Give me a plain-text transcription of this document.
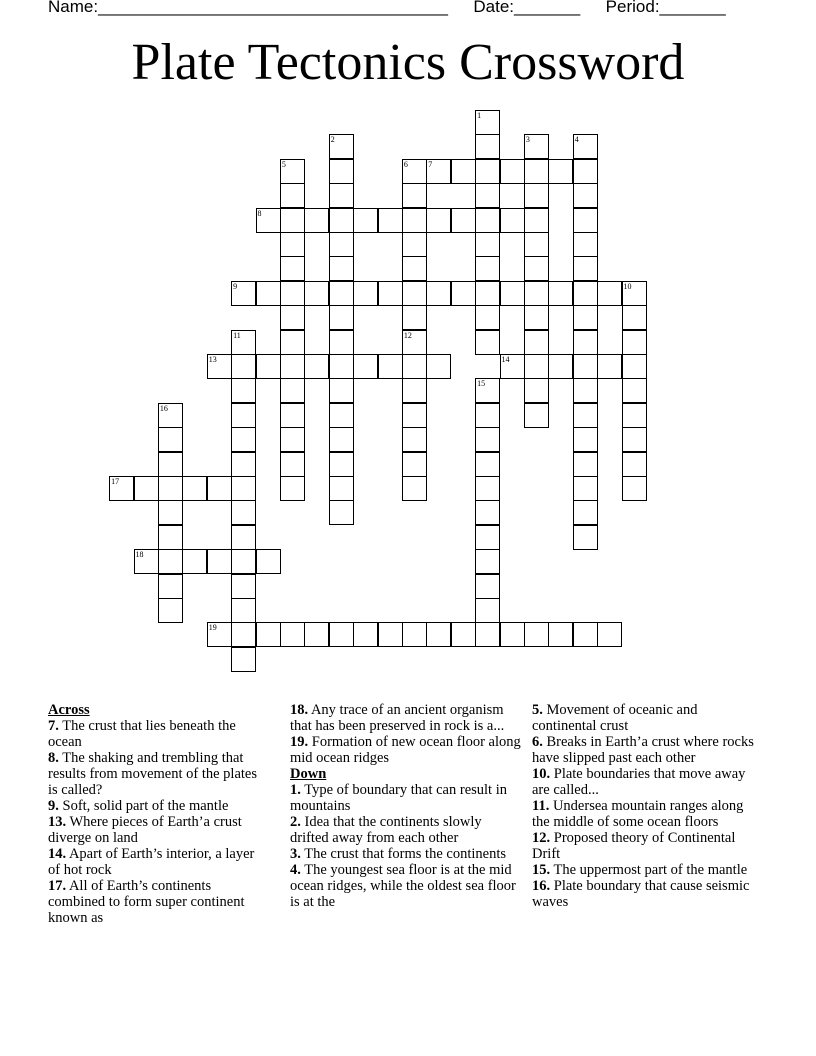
Name:_____________________________________ Date:_______ Period:_______
Plate Tectonics Crossword
7
8
9	10
13	14
17
18
19
1
2	3	4
5	6
11	12
15
16
Across
7. The crust that lies beneath the ocean
8. The shaking and trembling that results from movement of the plates is called?
9. Soft, solid part of the mantle
13. Where pieces of Earth’a crust diverge on land
14. Apart of Earth’s interior, a layer of hot rock
17. All of Earth’s continents combined to form super continent known as
18. Any trace of an ancient organism that has been preserved in rock is a...
19. Formation of new ocean floor along mid ocean ridges
Down
1. Type of boundary that can result in mountains
2. Idea that the continents slowly drifted away from each other
3. The crust that forms the continents
4. The youngest sea floor is at the mid ocean ridges, while the oldest sea floor is at the
5. Movement of oceanic and continental crust
6. Breaks in Earth’a crust where rocks have slipped past each other
10. Plate boundaries that move away are called...
11. Undersea mountain ranges along the middle of some ocean floors
12. Proposed theory of Continental Drift
15. The uppermost part of the mantle
16. Plate boundary that cause seismic waves
